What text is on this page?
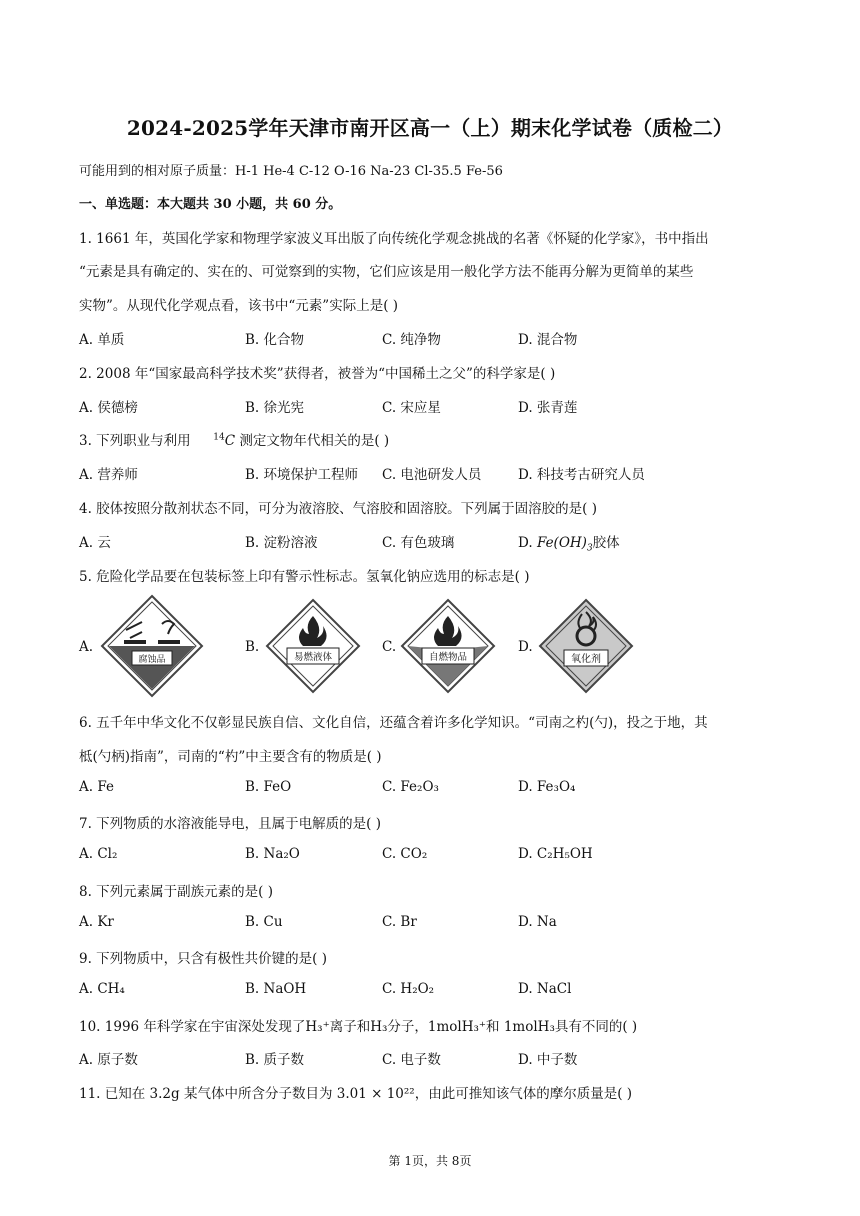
2024-2025学年天津市南开区高一（上）期末化学试卷（质检二）
可能用到的相对原子质量：H-1 He-4 C-12 O-16 Na-23 Cl-35.5 Fe-56
一、单选题：本大题共 30 小题，共 60 分。
1. 1661 年，英国化学家和物理学家波义耳出版了向传统化学观念挑战的名著《怀疑的化学家》，书中指出
“元素是具有确定的、实在的、可觉察到的实物，它们应该是用一般化学方法不能再分解为更简单的某些
实物”。从现代化学观点看，该书中“元素”实际上是( )
A. 单质	B. 化合物	C. 纯净物	D. 混合物
2. 2008 年“国家最高科学技术奖”获得者，被誉为“中国稀土之父”的科学家是( )
A. 侯德榜	B. 徐光宪	C. 宋应星	D. 张青莲
3. 下列职业与利用	$^{14}$C 测定文物年代相关的是( )
A. 营养师	B. 环境保护工程师 C. 电池研发人员	D. 科技考古研究人员
4. 胶体按照分散剂状态不同，可分为液溶胶、气溶胶和固溶胶。下列属于固溶胶的是( )
A. 云	B. 淀粉溶液	C. 有色玻璃	D. $Fe(OH)_3$胶体
5. 危险化学品要在包装标签上印有警示性标志。氢氧化钠应选用的标志是( )
A.
腐蚀品
B.
易燃液体
C.
自燃物品
D.
氧化剂
6. 五千年中华文化不仅彰显民族自信、文化自信，还蕴含着许多化学知识。“司南之杓(勺)，投之于地，其
柢(勺柄)指南”，司南的“杓”中主要含有的物质是( )
A. Fe	B. FeO	C. Fe₂O₃	D. Fe₃O₄
7. 下列物质的水溶液能导电，且属于电解质的是( )
A. Cl₂	B. Na₂O	C. CO₂	D. C₂H₅OH
8. 下列元素属于副族元素的是( )
A. Kr	B. Cu	C. Br	D. Na
9. 下列物质中，只含有极性共价键的是( )
A. CH₄	B. NaOH	C. H₂O₂	D. NaCl
10. 1996 年科学家在宇宙深处发现了H₃⁺离子和H₃分子，1molH₃⁺和 1molH₃具有不同的( )
A. 原子数	B. 质子数	C. 电子数	D. 中子数
11. 已知在 3.2g 某气体中所含分子数目为 3.01 × 10²²，由此可推知该气体的摩尔质量是( )
第 1页，共 8页
